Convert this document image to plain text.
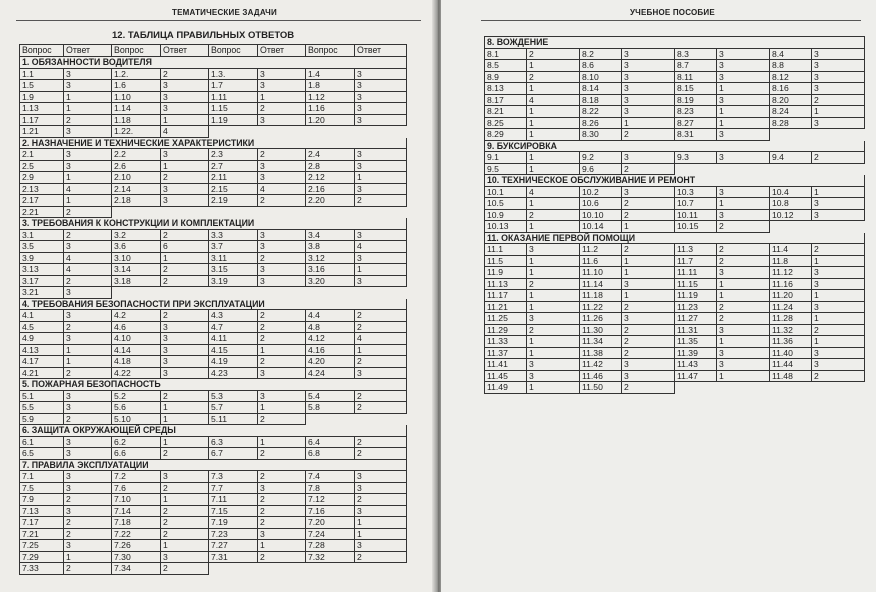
ТЕМАТИЧЕСКИЕ ЗАДАЧИ
12. ТАБЛИЦА ПРАВИЛЬНЫХ ОТВЕТОВ
Вопрос	Ответ	Вопрос	Ответ	Вопрос	Ответ	Вопрос	Ответ
1. ОБЯЗАННОСТИ ВОДИТЕЛЯ
1.1	3	1.2.	2	1.3.	3	1.4	3
1.5	3	1.6	3	1.7	3	1.8	3
1.9	1	1.10	3	1.11	1	1.12	3
1.13	1	1.14	3	1.15	2	1.16	3
1.17	2	1.18	1	1.19	3	1.20	3
1.21	3	1.22.	4
2. НАЗНАЧЕНИЕ И ТЕХНИЧЕСКИЕ ХАРАКТЕРИСТИКИ
2.1	3	2.2	3	2.3	2	2.4	3
2.5	3	2.6	1	2.7	3	2.8	3
2.9	1	2.10	2	2.11	3	2.12	1
2.13	4	2.14	3	2.15	4	2.16	3
2.17	1	2.18	3	2.19	2	2.20	2
2.21	2
3. ТРЕБОВАНИЯ К КОНСТРУКЦИИ И КОМПЛЕКТАЦИИ
3.1	2	3.2	2	3.3	3	3.4	3
3.5	3	3.6	6	3.7	3	3.8	4
3.9	4	3.10	1	3.11	2	3.12	3
3.13	4	3.14	2	3.15	3	3.16	1
3.17	2	3.18	2	3.19	3	3.20	3
3.21	3
4. ТРЕБОВАНИЯ БЕЗОПАСНОСТИ ПРИ ЭКСПЛУАТАЦИИ
4.1	3	4.2	2	4.3	2	4.4	2
4.5	2	4.6	3	4.7	2	4.8	2
4.9	3	4.10	3	4.11	2	4.12	4
4.13	1	4.14	3	4.15	1	4.16	1
4.17	1	4.18	3	4.19	2	4.20	2
4.21	2	4.22	3	4.23	3	4.24	3
5. ПОЖАРНАЯ БЕЗОПАСНОСТЬ
5.1	3	5.2	2	5.3	3	5.4	2
5.5	3	5.6	1	5.7	1	5.8	2
5.9	2	5.10	1	5.11	2
6. ЗАЩИТА ОКРУЖАЮЩЕЙ СРЕДЫ
6.1	3	6.2	1	6.3	1	6.4	2
6.5	3	6.6	2	6.7	2	6.8	2
7. ПРАВИЛА ЭКСПЛУАТАЦИИ
7.1	3	7.2	3	7.3	2	7.4	3
7.5	3	7.6	2	7.7	3	7.8	3
7.9	2	7.10	1	7.11	2	7.12	2
7.13	3	7.14	2	7.15	2	7.16	3
7.17	2	7.18	2	7.19	2	7.20	1
7.21	2	7.22	2	7.23	3	7.24	1
7.25	3	7.26	1	7.27	1	7.28	3
7.29	1	7.30	3	7.31	2	7.32	2
7.33	2	7.34	2
УЧЕБНОЕ ПОСОБИЕ
8. ВОЖДЕНИЕ
8.1	2	8.2	3	8.3	3	8.4	3
8.5	1	8.6	3	8.7	3	8.8	3
8.9	2	8.10	3	8.11	3	8.12	3
8.13	1	8.14	3	8.15	1	8.16	3
8.17	4	8.18	3	8.19	3	8.20	2
8.21	1	8.22	3	8.23	1	8.24	1
8.25	1	8.26	1	8.27	1	8.28	3
8.29	1	8.30	2	8.31	3
9. БУКСИРОВКА
9.1	1	9.2	3	9.3	3	9.4	2
9.5	1	9.6	2
10. ТЕХНИЧЕСКОЕ ОБСЛУЖИВАНИЕ И РЕМОНТ
10.1	4	10.2	3	10.3	3	10.4	1
10.5	1	10.6	2	10.7	1	10.8	3
10.9	2	10.10	2	10.11	3	10.12	3
10.13	1	10.14	1	10.15	2
11. ОКАЗАНИЕ ПЕРВОЙ ПОМОЩИ
11.1	3	11.2	2	11.3	2	11.4	2
11.5	1	11.6	1	11.7	2	11.8	1
11.9	1	11.10	1	11.11	3	11.12	3
11.13	2	11.14	3	11.15	1	11.16	3
11.17	1	11.18	1	11.19	1	11.20	1
11.21	1	11.22	2	11.23	2	11.24	3
11.25	3	11.26	3	11.27	2	11.28	1
11.29	2	11.30	2	11.31	3	11.32	2
11.33	1	11.34	2	11.35	1	11.36	1
11.37	1	11.38	2	11.39	3	11.40	3
11.41	3	11.42	3	11.43	3	11.44	3
11.45	3	11.46	3	11.47	1	11.48	2
11.49	1	11.50	2
